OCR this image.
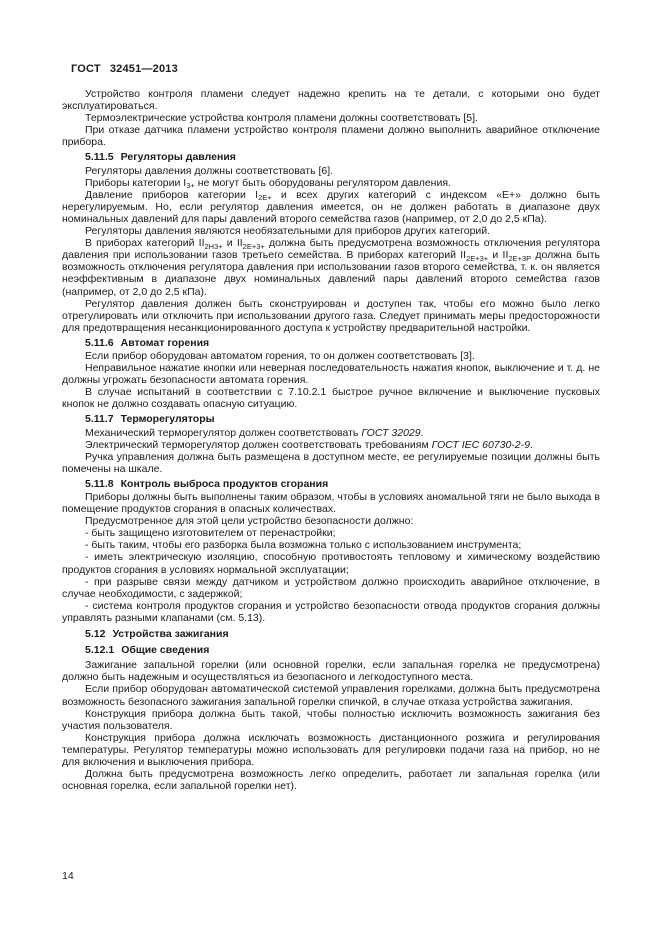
ГОСТ 32451—2013
Устройство контроля пламени следует надежно крепить на те детали, с которыми оно будет эксплуатироваться.
Термоэлектрические устройства контроля пламени должны соответствовать [5].
При отказе датчика пламени устройство контроля пламени должно выполнить аварийное отключение прибора.
5.11.5 Регуляторы давления
Регуляторы давления должны соответствовать [6].
Приборы категории $I_{3+}$ не могут быть оборудованы регулятором давления.
Давление приборов категории $I_{2E+}$ и всех других категорий с индексом «Е+» должно быть нерегулируемым. Но, если регулятор давления имеется, он не должен работать в диапазоне двух номинальных давлений для пары давлений второго семейства газов (например, от 2,0 до 2,5 кПа).
Регуляторы давления являются необязательными для приборов других категорий.
В приборах категорий $II_{2H3+}$ и $II_{2E+3+}$ должна быть предусмотрена возможность отключения регулятора давления при использовании газов третьего семейства. В приборах категорий $II_{2E+3+}$ и $II_{2E+3P}$ должна быть возможность отключения регулятора давления при использовании газов второго семейства, т. к. он является неэффективным в диапазоне двух номинальных давлений пары давлений второго семейства газов (например, от 2,0 до 2,5 кПа).
Регулятор давления должен быть сконструирован и доступен так, чтобы его можно было легко отрегулировать или отключить при использовании другого газа. Следует принимать меры предосторожности для предотвращения несанкционированного доступа к устройству предварительной настройки.
5.11.6 Автомат горения
Если прибор оборудован автоматом горения, то он должен соответствовать [3].
Неправильное нажатие кнопки или неверная последовательность нажатия кнопок, выключение и т. д. не должны угрожать безопасности автомата горения.
В случае испытаний в соответствии с 7.10.2.1 быстрое ручное включение и выключение пусковых кнопок не должно создавать опасную ситуацию.
5.11.7 Терморегуляторы
Механический терморегулятор должен соответствовать ГОСТ 32029.
Электрический терморегулятор должен соответствовать требованиям ГОСТ IEC 60730-2-9.
Ручка управления должна быть размещена в доступном месте, ее регулируемые позиции должны быть помечены на шкале.
5.11.8 Контроль выброса продуктов сгорания
Приборы должны быть выполнены таким образом, чтобы в условиях аномальной тяги не было выхода в помещение продуктов сгорания в опасных количествах.
Предусмотренное для этой цели устройство безопасности должно:
- быть защищено изготовителем от перенастройки;
- быть таким, чтобы его разборка была возможна только с использованием инструмента;
- иметь электрическую изоляцию, способную противостоять тепловому и химическому воздействию продуктов сгорания в условиях нормальной эксплуатации;
- при разрыве связи между датчиком и устройством должно происходить аварийное отключение, в случае необходимости, с задержкой;
- система контроля продуктов сгорания и устройство безопасности отвода продуктов сгорания должны управлять разными клапанами (см. 5.13).
5.12 Устройства зажигания
5.12.1 Общие сведения
Зажигание запальной горелки (или основной горелки, если запальная горелка не предусмотрена) должно быть надежным и осуществляться из безопасного и легкодоступного места.
Если прибор оборудован автоматической системой управления горелками, должна быть предусмотрена возможность безопасного зажигания запальной горелки спичкой, в случае отказа устройства зажигания.
Конструкция прибора должна быть такой, чтобы полностью исключить возможность зажигания без участия пользователя.
Конструкция прибора должна исключать возможность дистанционного розжига и регулирования температуры. Регулятор температуры можно использовать для регулировки подачи газа на прибор, но не для включения и выключения прибора.
Должна быть предусмотрена возможность легко определить, работает ли запальная горелка (или основная горелка, если запальной горелки нет).
14
